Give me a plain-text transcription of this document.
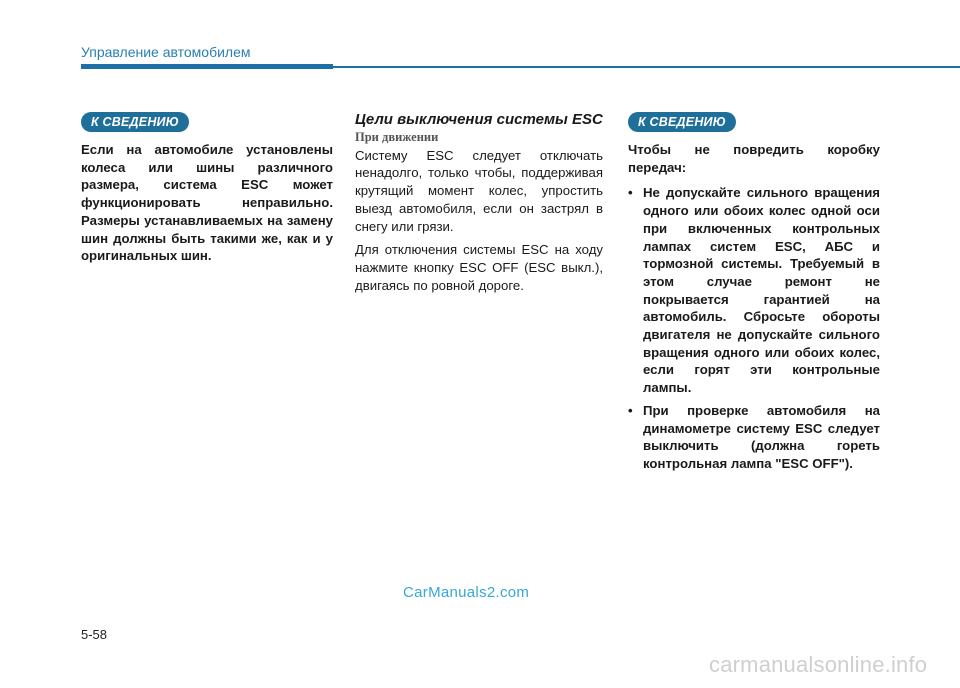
Управление автомобилем
К СВЕДЕНИЮ

Если на автомобиле установлены колеса или шины различного размера, система ESC может функционировать неправильно. Размеры устанавливаемых на замену шин должны быть такими же, как и у оригинальных шин.

Цели выключения системы ESC

При движении

Систему ESC следует отключать ненадолго, только чтобы, поддерживая крутящий момент колес, упростить выезд автомобиля, если он застрял в снегу или грязи.

Для отключения системы ESC на ходу нажмите кнопку ESC OFF (ESC выкл.), двигаясь по ровной дороге.

К СВЕДЕНИЮ

Чтобы не повредить коробку передач:

• Не допускайте сильного вращения одного или обоих колес одной оси при включенных контрольных лампах систем ESC, АБС и тормозной системы. Требуемый в этом случае ремонт не покрывается гарантией на автомобиль. Сбросьте обороты двигателя не допускайте сильного вращения одного или обоих колес, если горят эти контрольные лампы.
• При проверке автомобиля на динамометре систему ESC следует выключить (должна гореть контрольная лампа "ESC OFF").
CarManuals2.com
5-58
carmanualsonline.info
